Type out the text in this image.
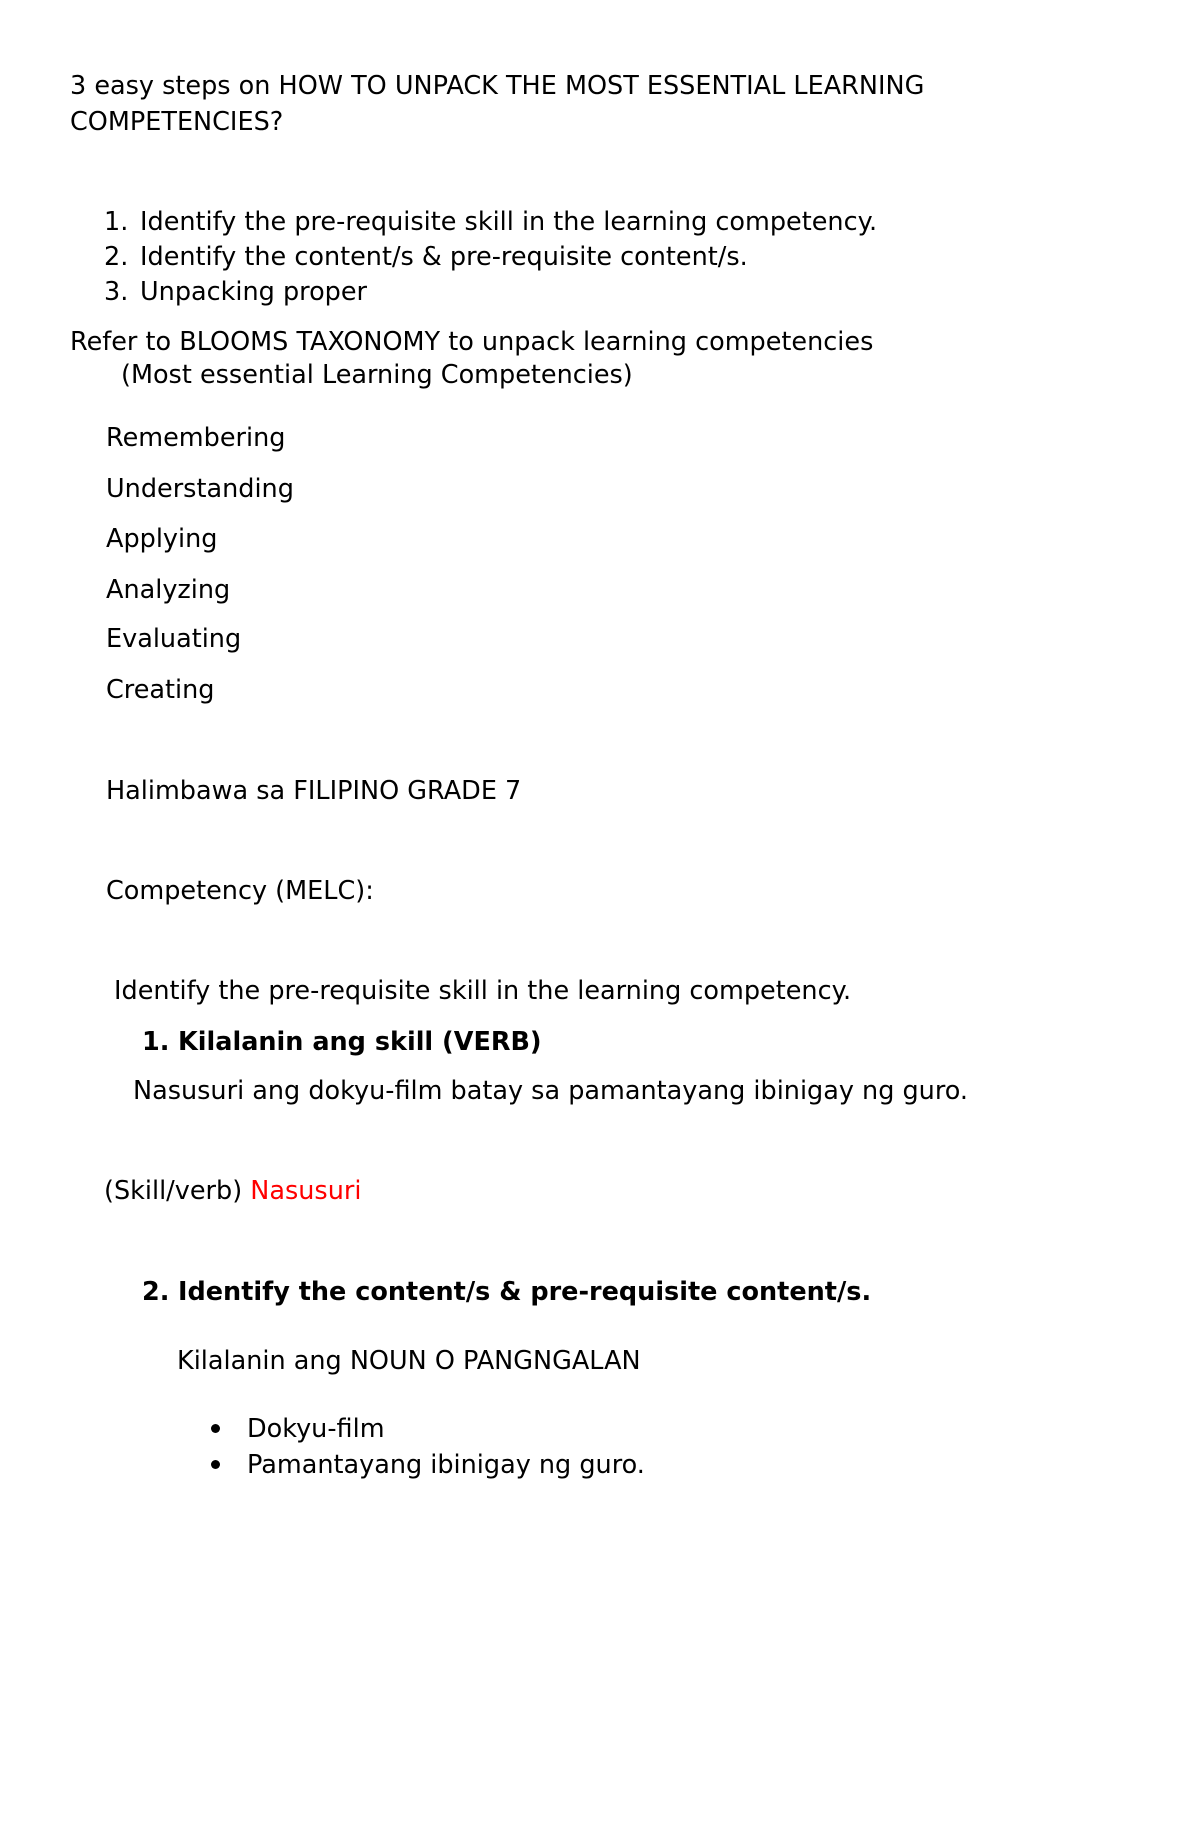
3 easy steps on HOW TO UNPACK THE MOST ESSENTIAL LEARNING

COMPETENCIES?

1. Identify the pre-requisite skill in the learning competency.

2. Identify the content/s & pre-requisite content/s.

3. Unpacking proper

Refer to BLOOMS TAXONOMY to unpack learning competencies

(Most essential Learning Competencies)

Remembering

Understanding

Applying

Analyzing

Evaluating

Creating

Halimbawa sa FILIPINO GRADE 7

Competency (MELC):

Identify the pre-requisite skill in the learning competency.

1. Kilalanin ang skill (VERB)

Nasusuri ang dokyu-film batay sa pamantayang ibinigay ng guro.

(Skill/verb) Nasusuri

2. Identify the content/s & pre-requisite content/s.

Kilalanin ang NOUN O PANGNGALAN

Dokyu-film

Pamantayang ibinigay ng guro.
